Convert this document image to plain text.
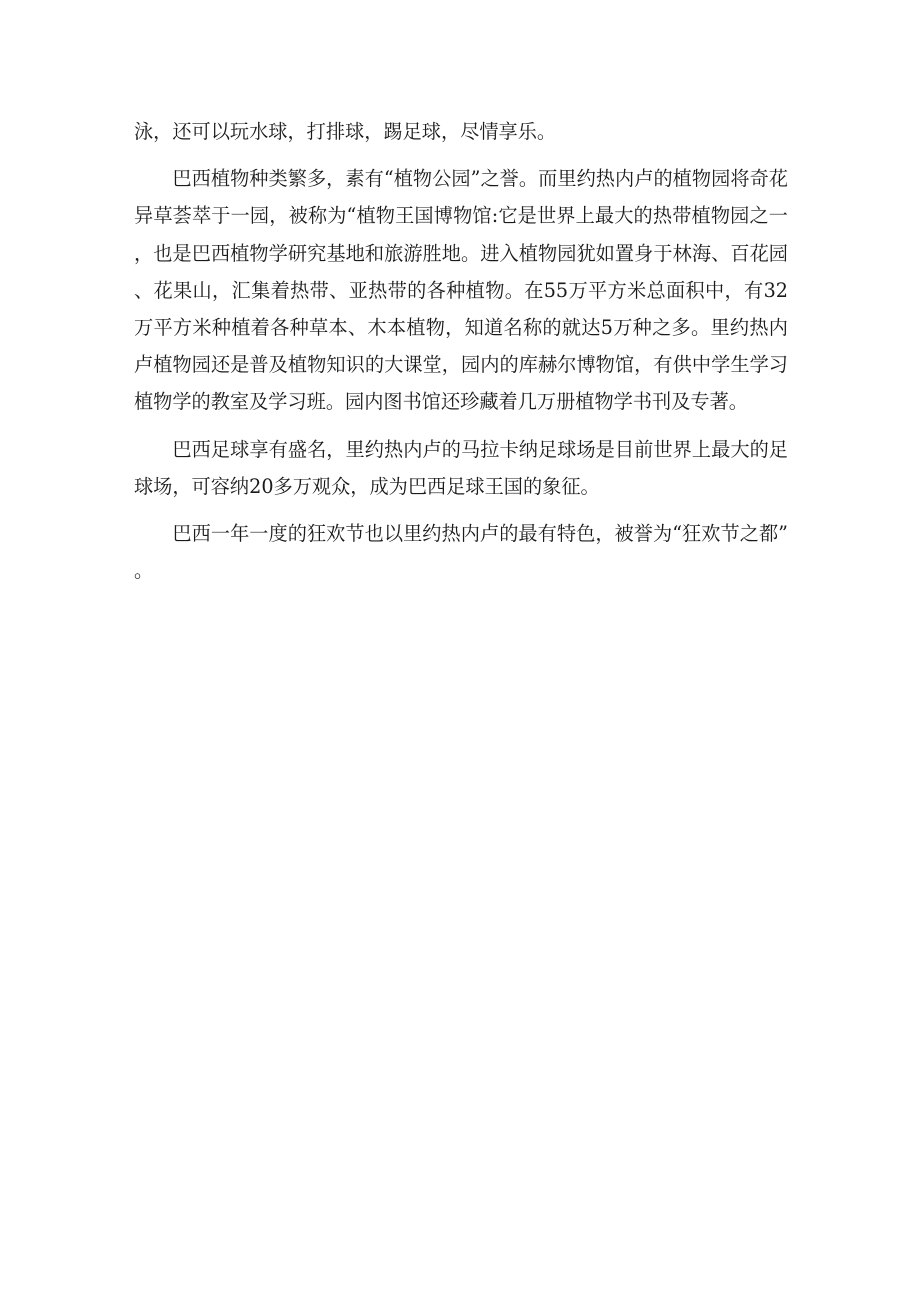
泳，还可以玩水球，打排球，踢足球，尽情享乐。

巴西植物种类繁多，素有“植物公园”之誉。而里约热内卢的植物园将奇花异草荟萃于一园，被称为“植物王国博物馆:它是世界上最大的热带植物园之一，也是巴西植物学研究基地和旅游胜地。进入植物园犹如置身于林海、百花园、花果山，汇集着热带、亚热带的各种植物。在55万平方米总面积中，有32万平方米种植着各种草本、木本植物，知道名称的就达5万种之多。里约热内卢植物园还是普及植物知识的大课堂，园内的库赫尔博物馆，有供中学生学习植物学的教室及学习班。园内图书馆还珍藏着几万册植物学书刊及专著。

巴西足球享有盛名，里约热内卢的马拉卡纳足球场是目前世界上最大的足球场，可容纳20多万观众，成为巴西足球王国的象征。

巴西一年一度的狂欢节也以里约热内卢的最有特色，被誉为“狂欢节之都”。
